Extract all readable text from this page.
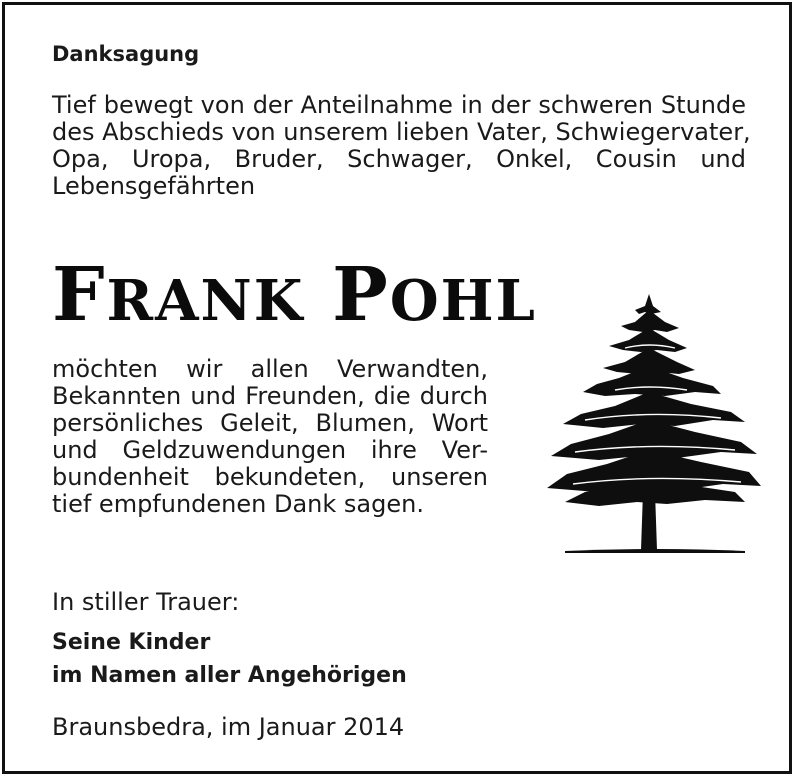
Danksagung
Tief bewegt von der Anteilnahme in der schweren Stunde
des Abschieds von unserem lieben Vater, Schwiegervater,
Opa, Uropa, Bruder, Schwager, Onkel, Cousin und
Lebensgefährten
FRANK POHL
möchten wir allen Verwandten,
Bekannten und Freunden, die durch
persönliches Geleit, Blumen, Wort
und Geldzuwendungen ihre Ver-
bundenheit bekundeten, unseren
tief empfundenen Dank sagen.
In stiller Trauer:
Seine Kinder
im Namen aller Angehörigen
Braunsbedra, im Januar 2014
